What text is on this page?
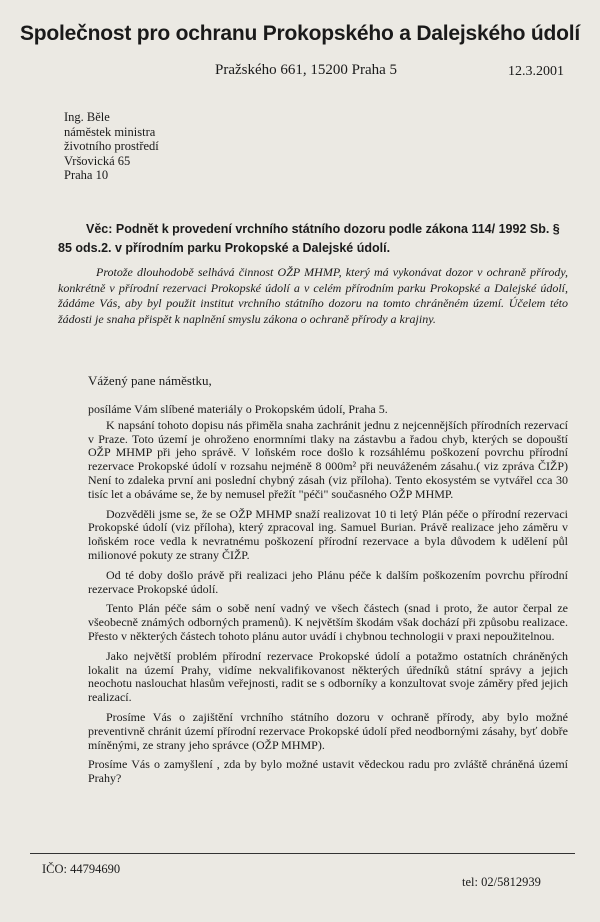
Společnost pro ochranu Prokopského a Dalejského údolí
Pražského 661, 15200 Praha 5	12.3.2001
Ing. Běle
náměstek ministra
životního prostředí
Vršovická 65
Praha 10
Věc: Podnět k provedení vrchního státního dozoru podle zákona 114/ 1992 Sb. §
85 ods.2. v přírodním parku Prokopské a Dalejské údolí.
Protože dlouhodobě selhává činnost OŽP MHMP, který má vykonávat dozor v ochraně přírody, konkrétně v přírodní rezervaci Prokopské údolí a v celém přírodním parku Prokopské a Dalejské údolí, žádáme Vás, aby byl použit institut vrchního státního dozoru na tomto chráněném území. Účelem této žádosti je snaha přispět k naplnění smyslu zákona o ochraně přírody a krajiny.
Vážený pane náměstku,

posíláme Vám slíbené materiály o Prokopském údolí, Praha 5.

K napsání tohoto dopisu nás přiměla snaha zachránit jednu z nejcennějších přírodních rezervací v Praze. Toto území je ohroženo enormními tlaky na zástavbu a řadou chyb, kterých se dopouští OŽP MHMP při jeho správě. V loňském roce došlo k rozsáhlému poškození povrchu přírodní rezervace Prokopské údolí v rozsahu nejméně 8 000m² při neuváženém zásahu.( viz zpráva ČIŽP) Není to zdaleka první ani poslední chybný zásah (viz příloha). Tento ekosystém se vytvářel cca 30 tisíc let a obáváme se, že by nemusel přežít "péči" současného OŽP MHMP.

Dozvěděli jsme se, že se OŽP MHMP snaží realizovat 10 ti letý Plán péče o přírodní rezervaci Prokopské údolí (viz příloha), který zpracoval ing. Samuel Burian. Právě realizace jeho záměru v loňském roce vedla k nevratnému poškození přírodní rezervace a byla důvodem k udělení půl milionové pokuty ze strany ČIŽP.

Od té doby došlo právě při realizaci jeho Plánu péče k dalším poškozením povrchu přírodní rezervace Prokopské údolí.

Tento Plán péče sám o sobě není vadný ve všech částech (snad i proto, že autor čerpal ze všeobecně známých odborných pramenů). K největším škodám však dochází při způsobu realizace. Přesto v některých částech tohoto plánu autor uvádí i chybnou technologii v praxi nepoužitelnou.

Jako největší problém přírodní rezervace Prokopské údolí a potažmo ostatních chráněných lokalit na území Prahy, vidíme nekvalifikovanost některých úředníků státní správy a jejich neochotu naslouchat hlasům veřejnosti, radit se s odborníky a konzultovat svoje záměry před jejich realizací.

Prosíme Vás o zajištění vrchního státního dozoru v ochraně přírody, aby bylo možné preventivně chránit území přírodní rezervace Prokopské údolí před neodbornými zásahy, byť dobře míněnými, ze strany jeho správce (OŽP MHMP).

Prosíme Vás o zamyšlení , zda by bylo možné ustavit vědeckou radu pro zvláště chráněná území Prahy?

IČO: 44794690
tel: 02/5812939
